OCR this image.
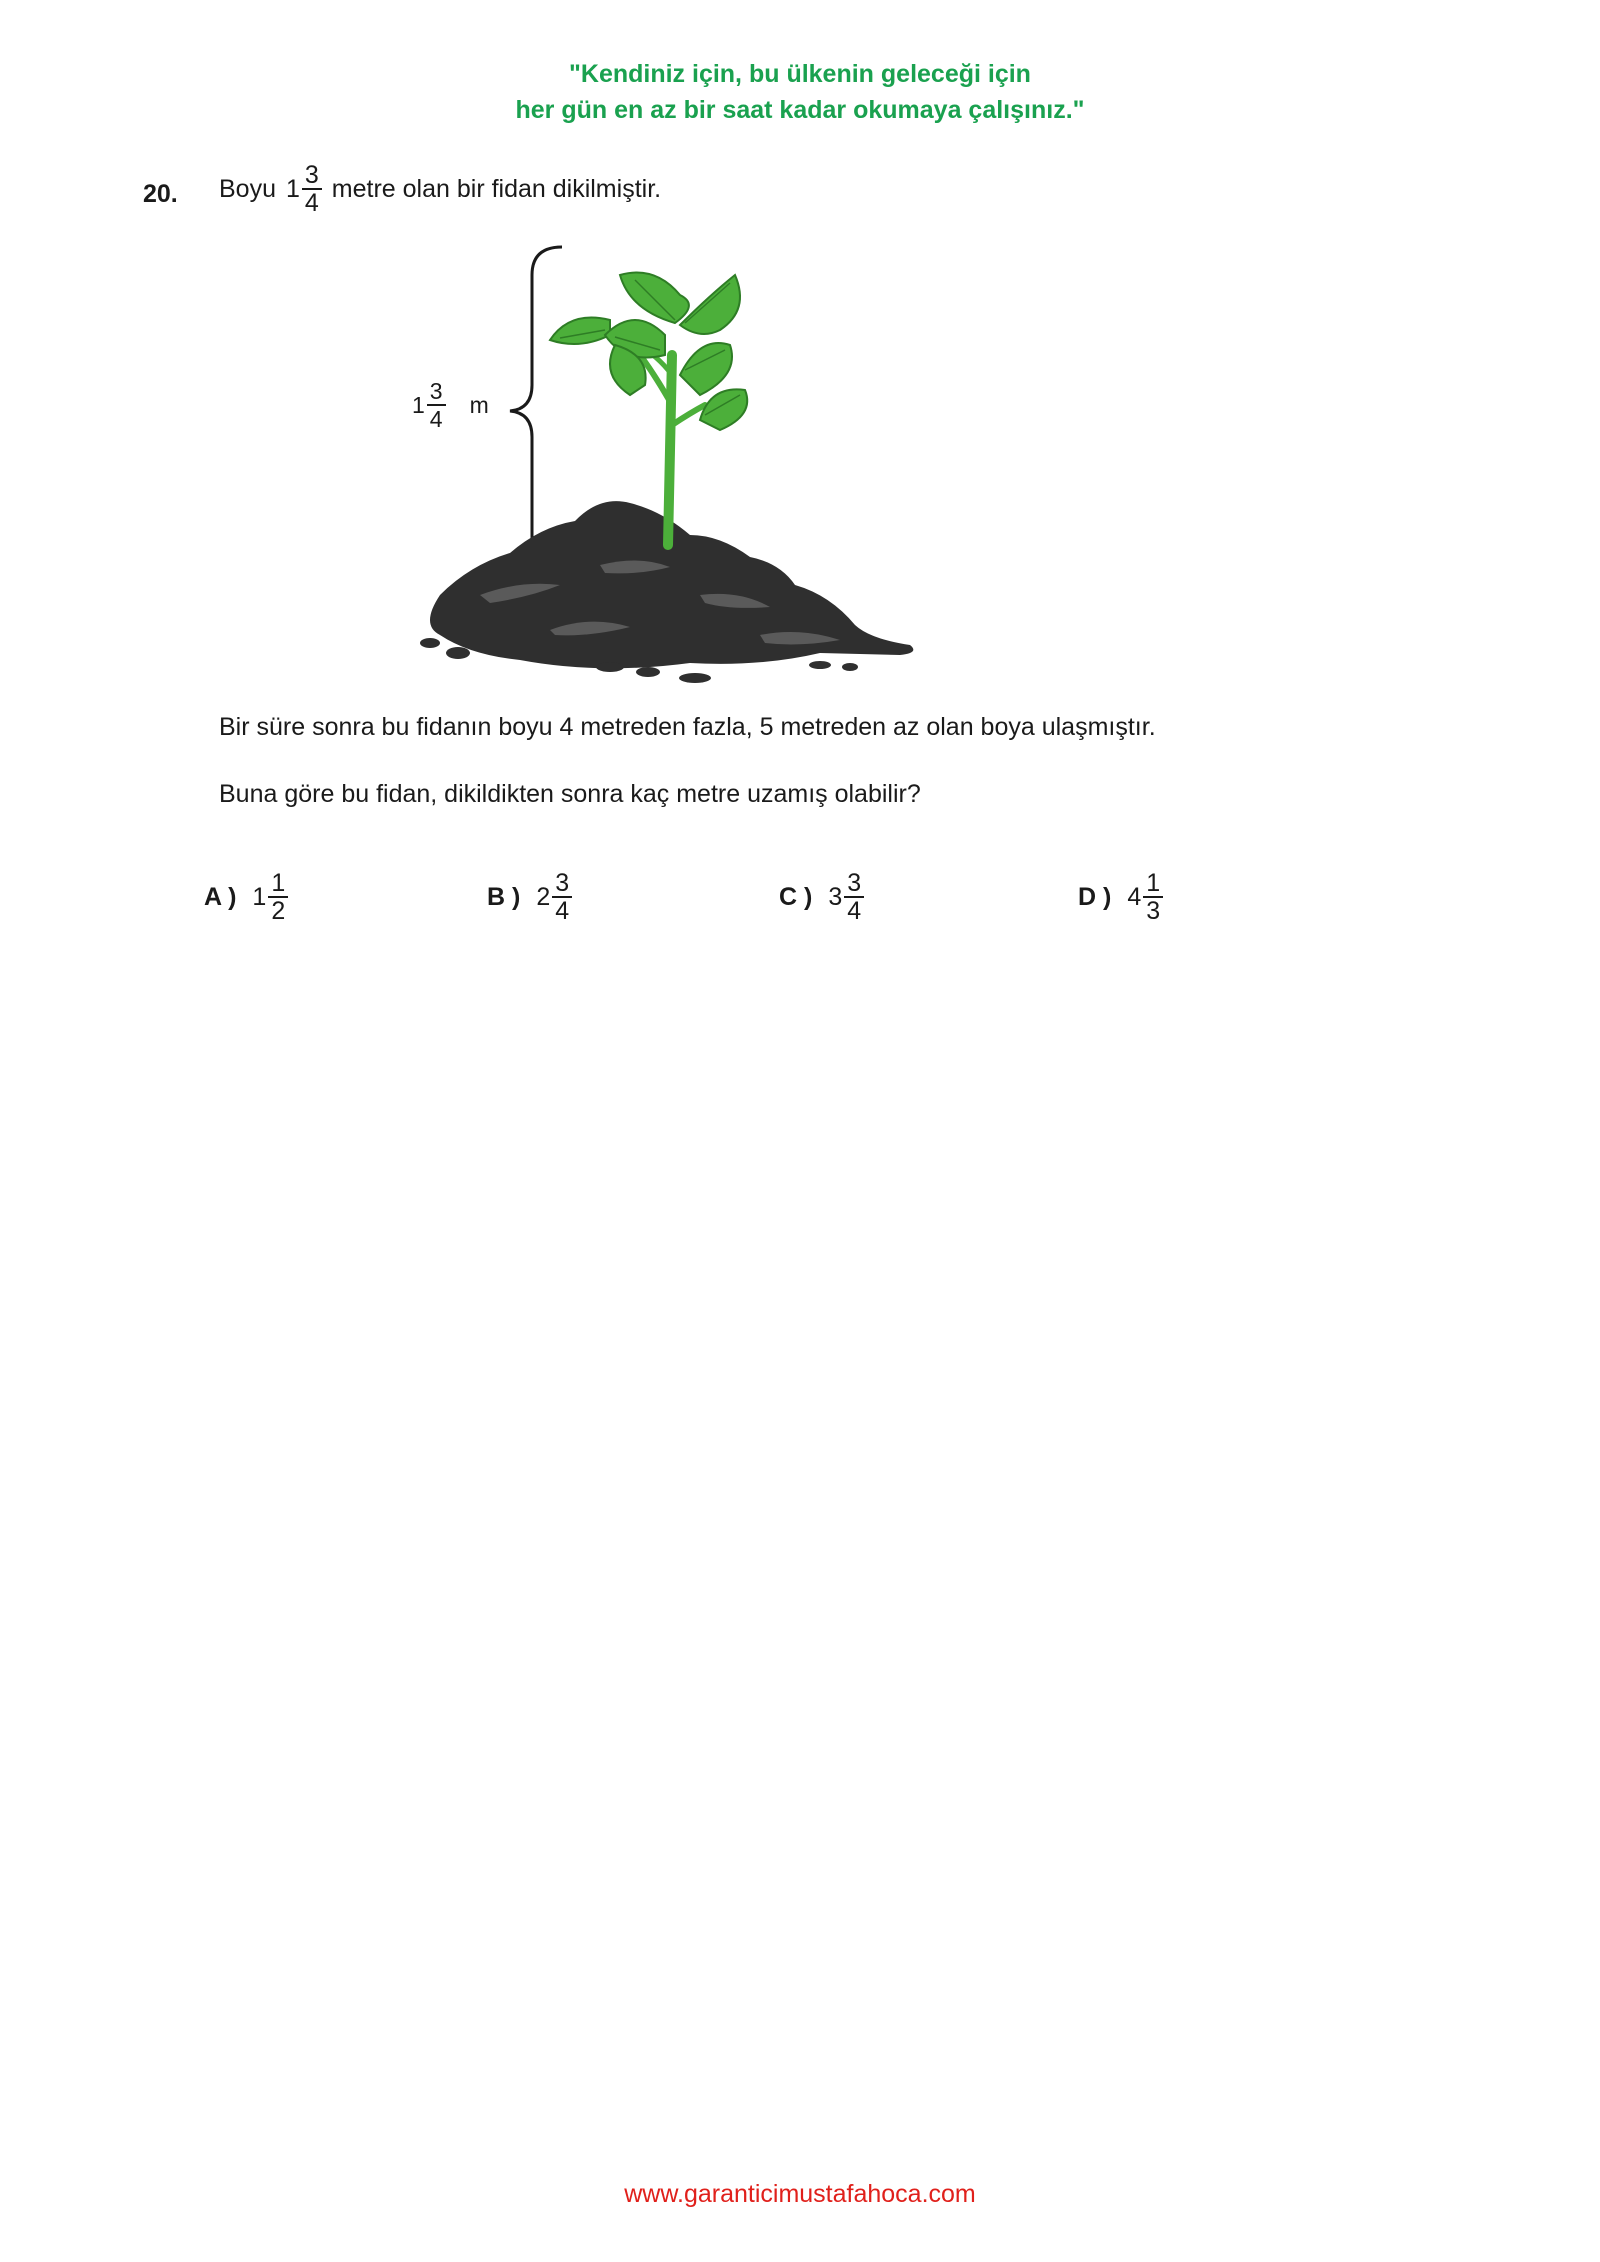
"Kendiniz için, bu ülkenin geleceği için
her gün en az bir saat kadar okumaya çalışınız."
20. Boyu $1 \frac{3}{4}$ metre olan bir fidan dikilmiştir.
$1 \frac{3}{4}$ m
Bir süre sonra bu fidanın boyu 4 metreden fazla, 5 metreden az olan boya ulaşmıştır.
Buna göre bu fidan, dikildikten sonra kaç metre uzamış olabilir?
A ) $1 \frac{1}{2}$	B ) $2 \frac{3}{4}$	C ) $3 \frac{3}{4}$	D ) $4 \frac{1}{3}$
www.garanticimustafahoca.com
